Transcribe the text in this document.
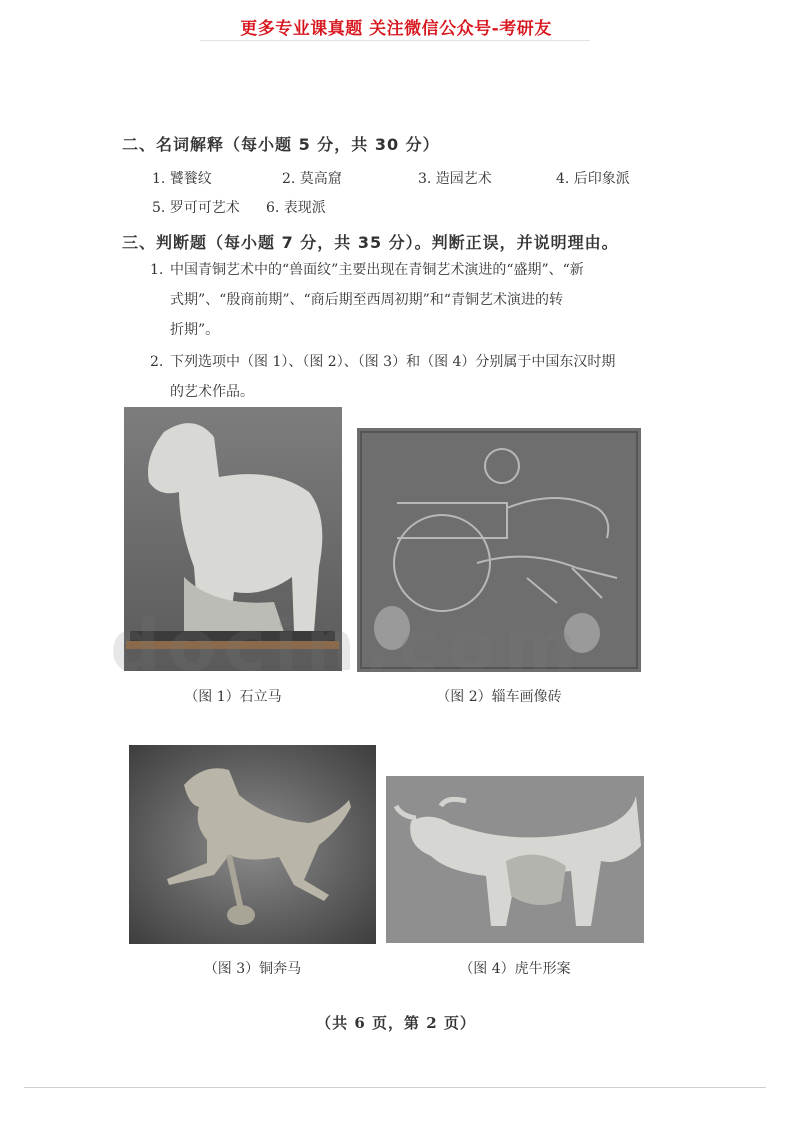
更多专业课真题 关注微信公众号-考研友
二、名词解释（每小题 5 分，共 30 分）
1. 饕餮纹	2. 莫高窟	3. 造园艺术	4. 后印象派
5. 罗可可艺术 6. 表现派
三、判断题（每小题 7 分，共 35 分）。判断正误，并说明理由。
1. 中国青铜艺术中的“兽面纹”主要出现在青铜艺术演进的“盛期”、“新
式期”、“殷商前期”、“商后期至西周初期”和“青铜艺术演进的转
折期”。
2. 下列选项中（图 1）、（图 2）、（图 3）和（图 4）分别属于中国东汉时期
的艺术作品。
docin.com
（图 1）石立马	（图 2）辎车画像砖
（图 3）铜奔马	（图 4）虎牛形案
（共 6 页，第 2 页）
